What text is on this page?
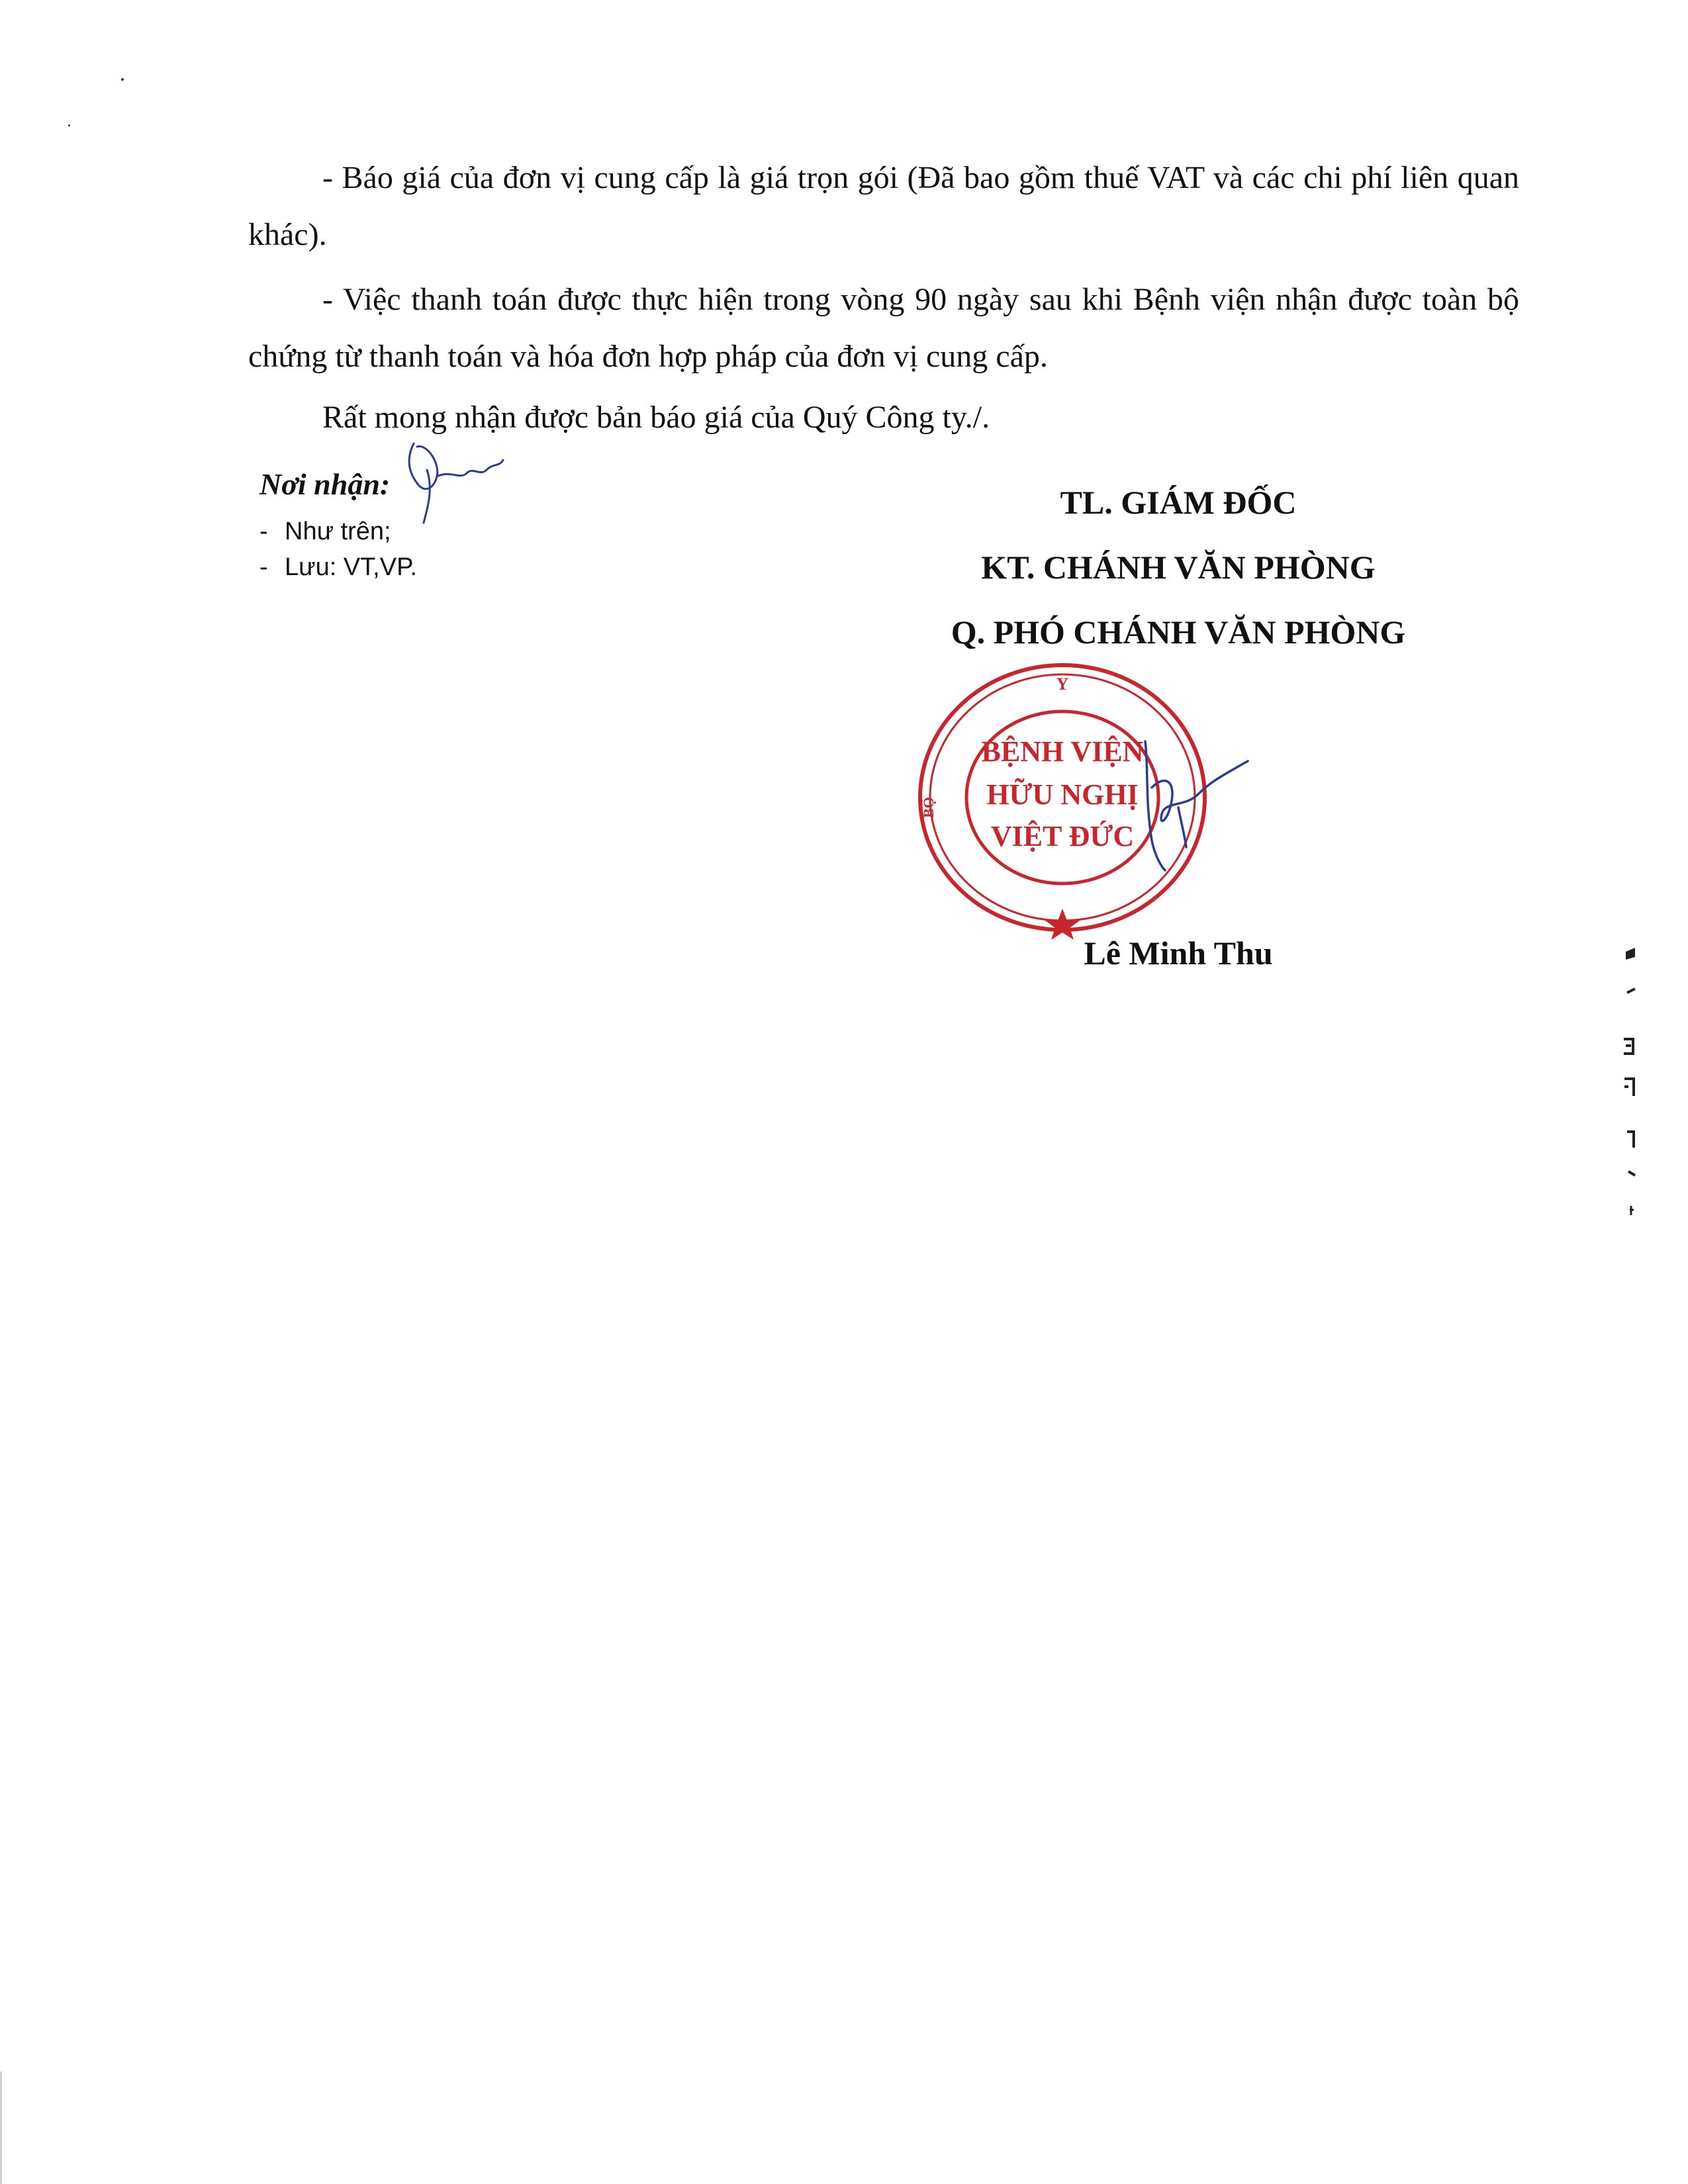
- Báo giá của đơn vị cung cấp là giá trọn gói (Đã bao gồm thuế VAT và các chi phí liên quan khác).

- Việc thanh toán được thực hiện trong vòng 90 ngày sau khi Bệnh viện nhận được toàn bộ chứng từ thanh toán và hóa đơn hợp pháp của đơn vị cung cấp.

Rất mong nhận được bản báo giá của Quý Công ty./.

Nơi nhận:
- Như trên;
- Lưu: VT,VP.
TL. GIÁM ĐỐC
KT. CHÁNH VĂN PHÒNG
Q. PHÓ CHÁNH VĂN PHÒNG
Y
BỘ
BỆNH VIỆN
HỮU NGHỊ
VIỆT ĐỨC
Lê Minh Thu
